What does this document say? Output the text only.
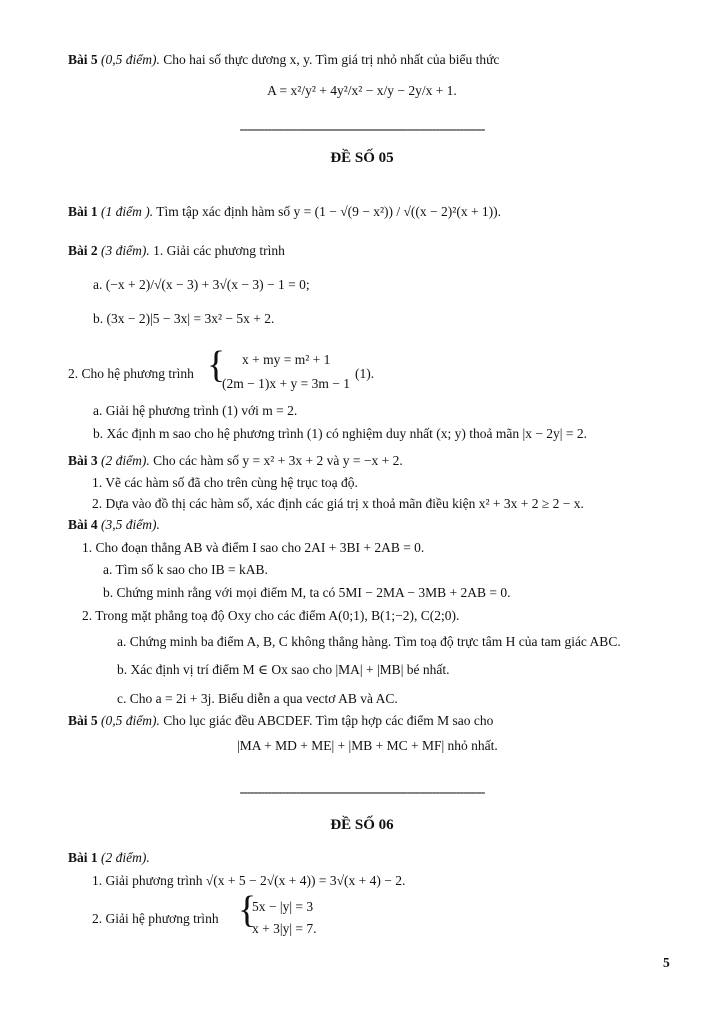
Bài 5 (0,5 điểm). Cho hai số thực dương x, y. Tìm giá trị nhỏ nhất của biểu thức
A = x²/y² + 4y²/x² − x/y − 2y/x + 1.
----------------------------------------------------------------------
ĐỀ SỐ 05
Bài 1 (1 điểm ). Tìm tập xác định hàm số y = (1 − √(9 − x²)) / √((x − 2)²(x + 1)).
Bài 2 (3 điểm). 1. Giải các phương trình
a. (−x + 2)/√(x − 3) + 3√(x − 3) − 1 = 0;
b. (3x − 2)|5 − 3x| = 3x² − 5x + 2.
2. Cho hệ phương trình { x + my = m² + 1
(2m − 1)x + y = 3m − 1
(1).
a. Giải hệ phương trình (1) với m = 2.
b. Xác định m sao cho hệ phương trình (1) có nghiệm duy nhất (x; y) thoả mãn |x − 2y| = 2.
Bài 3 (2 điểm). Cho các hàm số y = x² + 3x + 2 và y = −x + 2.
1. Vẽ các hàm số đã cho trên cùng hệ trục toạ độ.
2. Dựa vào đồ thị các hàm số, xác định các giá trị x thoả mãn điều kiện x² + 3x + 2 ≥ 2 − x.
Bài 4 (3,5 điểm).
1. Cho đoạn thẳng AB và điểm I sao cho 2AI + 3BI + 2AB = 0.
a. Tìm số k sao cho IB = kAB.
b. Chứng minh rằng với mọi điểm M, ta có 5MI − 2MA − 3MB + 2AB = 0.
2. Trong mặt phẳng toạ độ Oxy cho các điểm A(0;1), B(1;−2), C(2;0).
a. Chứng minh ba điểm A, B, C không thẳng hàng. Tìm toạ độ trực tâm H của tam giác ABC.
b. Xác định vị trí điểm M ∈ Ox sao cho |MA| + |MB| bé nhất.
c. Cho a = 2i + 3j. Biểu diễn a qua vectơ AB và AC.
Bài 5 (0,5 điểm). Cho lục giác đều ABCDEF. Tìm tập hợp các điểm M sao cho
|MA + MD + ME| + |MB + MC + MF| nhỏ nhất.
----------------------------------------------------------------------
ĐỀ SỐ 06
Bài 1 (2 điểm).
1. Giải phương trình √(x + 5 − 2√(x + 4)) = 3√(x + 4) − 2.
2. Giải hệ phương trình {
5x − |y| = 3
x + 3|y| = 7.
5
